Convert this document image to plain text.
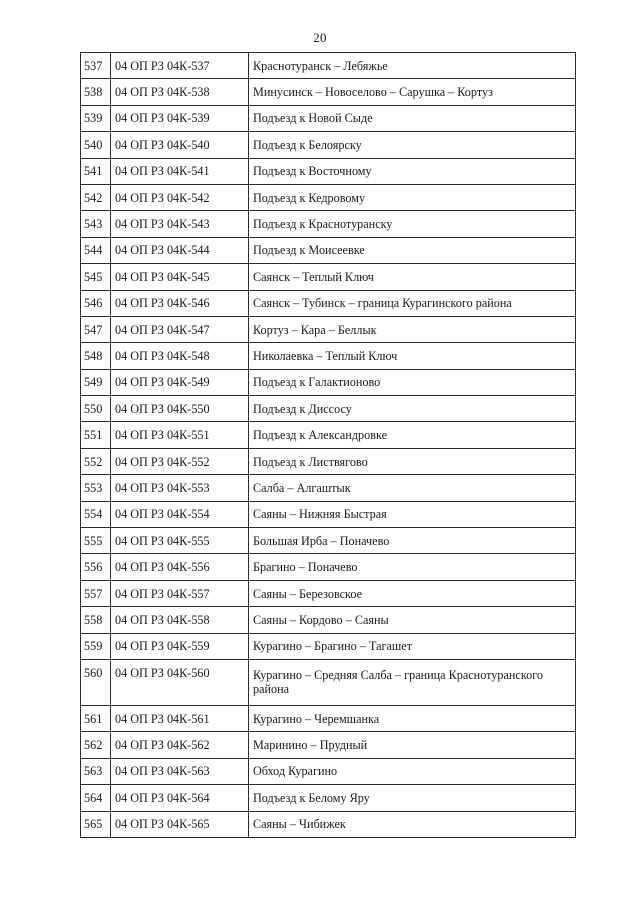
20
537	04 ОП РЗ 04К-537	Краснотуранск – Лебяжье
538	04 ОП РЗ 04К-538	Минусинск – Новоселово – Сарушка – Кортуз
539	04 ОП РЗ 04К-539	Подъезд к Новой Сыде
540	04 ОП РЗ 04К-540	Подъезд к Белоярску
541	04 ОП РЗ 04К-541	Подъезд к Восточному
542	04 ОП РЗ 04К-542	Подъезд к Кедровому
543	04 ОП РЗ 04К-543	Подъезд к Краснотуранску
544	04 ОП РЗ 04К-544	Подъезд к Моисеевке
545	04 ОП РЗ 04К-545	Саянск – Теплый Ключ
546	04 ОП РЗ 04К-546	Саянск – Тубинск – граница Курагинского района
547	04 ОП РЗ 04К-547	Кортуз – Кара – Беллык
548	04 ОП РЗ 04К-548	Николаевка – Теплый Ключ
549	04 ОП РЗ 04К-549	Подъезд к Галактионово
550	04 ОП РЗ 04К-550	Подъезд к Диссосу
551	04 ОП РЗ 04К-551	Подъезд к Александровке
552	04 ОП РЗ 04К-552	Подъезд к Листвягово
553	04 ОП РЗ 04К-553	Салба – Алгаштык
554	04 ОП РЗ 04К-554	Саяны – Нижняя Быстрая
555	04 ОП РЗ 04К-555	Большая Ирба – Поначево
556	04 ОП РЗ 04К-556	Брагино – Поначево
557	04 ОП РЗ 04К-557	Саяны – Березовское
558	04 ОП РЗ 04К-558	Саяны – Кордово – Саяны
559	04 ОП РЗ 04К-559	Курагино – Брагино – Тагашет
560	04 ОП РЗ 04К-560	Курагино – Средняя Салба – граница Краснотуранского района
561	04 ОП РЗ 04К-561	Курагино – Черемшанка
562	04 ОП РЗ 04К-562	Маринино – Прудный
563	04 ОП РЗ 04К-563	Обход Курагино
564	04 ОП РЗ 04К-564	Подъезд к Белому Яру
565	04 ОП РЗ 04К-565	Саяны – Чибижек
